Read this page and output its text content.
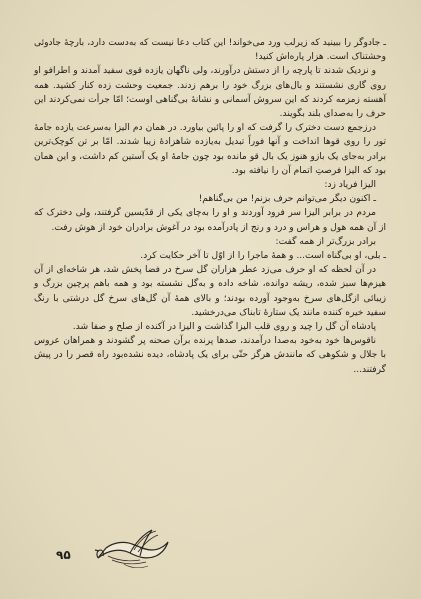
ـ جادوگر را ببینید که زیرلب ورد می‌خواند! این کتاب دعا نیست که به‌دست دارد، بارچهٔ جادوئی وحشتناک است. هزار پاره‌اش کنید!

و نزدیک شدند تا پارچه را از دستش درآورند، ولی ناگهان یازده قوی سفید آمدند و اطرافو او روی گاری نشستند و بال‌های بزرگ خود را برهم زدند. جمعیت وحشت زده کنار کشید. همه آهسته زمزمه کردند که این سروش آسمانی و نشانهٔ بی‌گناهی اوست؛ امّا جرأت نمی‌کردند این حرف را به‌صدای بلند بگویند.

درزجمع دست دخترک را گرفت که او را پائین بیاورد. در همان دم الیزا به‌سرعت یازده جامهٔ تور را روی قوها انداخت و آنها فوراً تبدیل به‌یازده شاهزادهٔ زیبا شدند. امّا بر تن کوچک‌ترین برادر به‌جای یک بازو هنوز یک بال قو مانده بود چون جامهٔ او یک آستین کم داشت، و این همان بود که الیزا فرصتِ اتمام آن را نیافته بود.

الیزا فریاد زد:

ـ اکنون دیگر می‌توانم حرف بزنم! من بی‌گناهم!

مردم در برابر الیزا سر فرود آوردند و او را به‌چای یکی از قدّیسین گرفتند، ولی دخترک که از آن همه هول و هراس و درد و رنج از پادرآمده بود در آغوش برادران خود از هوش رفت.

برادر بزرگ‌تر از همه گفت:

ـ بلی، او بی‌گناه است... و همهٔ ماجرا را از اوّل تا آخر حکایت کرد.

در آن لحظه که او حرف می‌زد عطر هزاران گل سرخ در فضا پخش شد، هر شاخه‌ای از آن هیزم‌ها سبز شده، ریشه دوانده، شاخه داده و به‌گل نشسته بود و همه باهم پرچین بزرگ و زیبائی ازگل‌های سرخ به‌وجود آورده بودند؛ و بالای همهٔ آن گل‌های سرخ گل درشتی با رنگ سفید خیره کننده مانند یک ستارهٔ تابناک می‌درخشید.

پادشاه آن گل را چید و روی قلب الیزا گذاشت و الیزا در آکنده از صلح و صفا شد.

ناقوس‌ها خود به‌خود به‌صدا درآمدند، صدها پرنده برآن صحنه پر گشودند و همراهان عروس با جلال و شکوهی که مانندش هرگز حتّی برای یک پادشاه، دیده نشده‌بود راه قصر را در پیش گرفتند...

۹۵
